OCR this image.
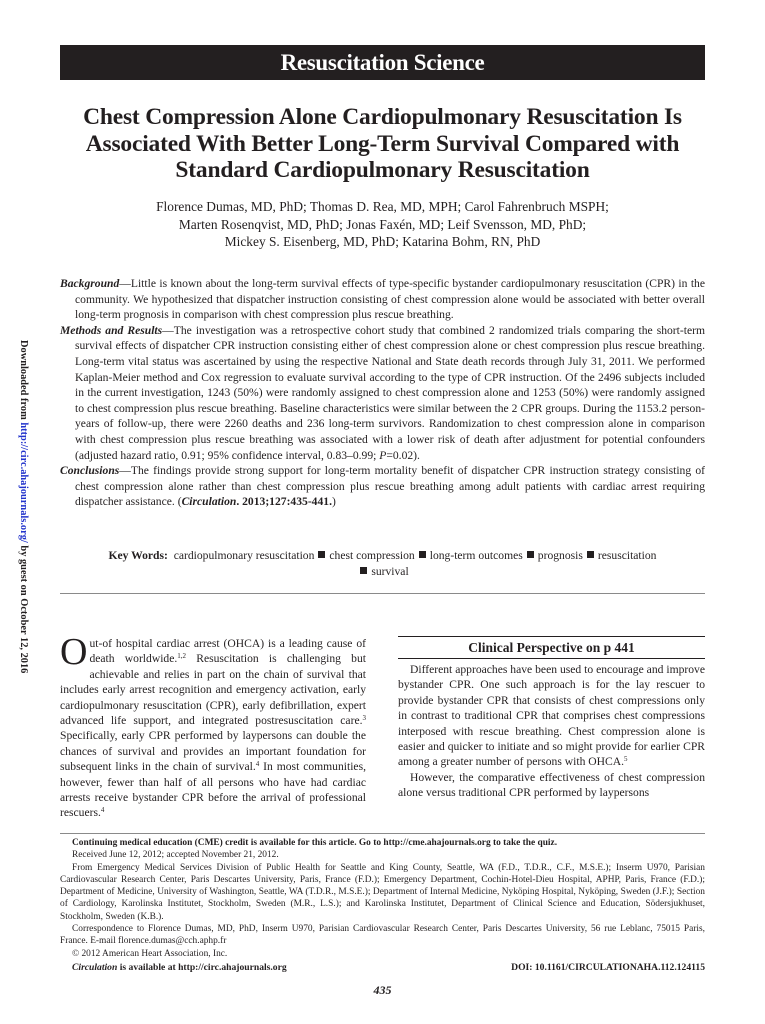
Resuscitation Science
Chest Compression Alone Cardiopulmonary Resuscitation Is Associated With Better Long-Term Survival Compared with Standard Cardiopulmonary Resuscitation
Florence Dumas, MD, PhD; Thomas D. Rea, MD, MPH; Carol Fahrenbruch MSPH;
Marten Rosenqvist, MD, PhD; Jonas Faxén, MD; Leif Svensson, MD, PhD;
Mickey S. Eisenberg, MD, PhD; Katarina Bohm, RN, PhD

Background—Little is known about the long-term survival effects of type-specific bystander cardiopulmonary resuscitation (CPR) in the community. We hypothesized that dispatcher instruction consisting of chest compression alone would be associated with better overall long-term prognosis in comparison with chest compression plus rescue breathing.

Methods and Results—The investigation was a retrospective cohort study that combined 2 randomized trials comparing the short-term survival effects of dispatcher CPR instruction consisting either of chest compression alone or chest compression plus rescue breathing. Long-term vital status was ascertained by using the respective National and State death records through July 31, 2011. We performed Kaplan-Meier method and Cox regression to evaluate survival according to the type of CPR instruction. Of the 2496 subjects included in the current investigation, 1243 (50%) were randomly assigned to chest compression alone and 1253 (50%) were randomly assigned to chest compression plus rescue breathing. Baseline characteristics were similar between the 2 CPR groups. During the 1153.2 person-years of follow-up, there were 2260 deaths and 236 long-term survivors. Randomization to chest compression alone in comparison with chest compression plus rescue breathing was associated with a lower risk of death after adjustment for potential confounders (adjusted hazard ratio, 0.91; 95% confidence interval, 0.83–0.99; P=0.02).

Conclusions—The findings provide strong support for long-term mortality benefit of dispatcher CPR instruction strategy consisting of chest compression alone rather than chest compression plus rescue breathing among adult patients with cardiac arrest requiring dispatcher assistance. (Circulation. 2013;127:435-441.)

Key Words: cardiopulmonary resuscitation chest compression long-term outcomes prognosis resuscitation
survival

Out-of hospital cardiac arrest (OHCA) is a leading cause of death worldwide.$^{1,2}$ Resuscitation is challenging but achievable and relies in part on the chain of survival that includes early arrest recognition and emergency activation, early cardiopulmonary resuscitation (CPR), early defibrillation, expert advanced life support, and integrated postresuscitation care.$^3$ Specifically, early CPR performed by laypersons can double the chances of survival and provides an important foundation for subsequent links in the chain of survival.$^4$ In most communities, however, fewer than half of all persons who have had cardiac arrests receive bystander CPR before the arrival of professional rescuers.$^4$

Clinical Perspective on p 441

Different approaches have been used to encourage and improve bystander CPR. One such approach is for the lay rescuer to provide bystander CPR that consists of chest compressions only in contrast to traditional CPR that comprises chest compressions interposed with rescue breathing. Chest compression alone is easier and quicker to initiate and so might provide for earlier CPR among a greater number of persons with OHCA.$^5$

However, the comparative effectiveness of chest compression alone versus traditional CPR performed by laypersons

Continuing medical education (CME) credit is available for this article. Go to http://cme.ahajournals.org to take the quiz.

Received June 12, 2012; accepted November 21, 2012.

From Emergency Medical Services Division of Public Health for Seattle and King County, Seattle, WA (F.D., T.D.R., C.F., M.S.E.); Inserm U970, Parisian Cardiovascular Research Center, Paris Descartes University, Paris, France (F.D.); Emergency Department, Cochin-Hotel-Dieu Hospital, APHP, Paris, France (F.D.); Department of Medicine, University of Washington, Seattle, WA (T.D.R., M.S.E.); Department of Internal Medicine, Nyköping Hospital, Nyköping, Sweden (J.F.); Section of Cardiology, Karolinska Institutet, Stockholm, Sweden (M.R., L.S.); and Karolinska Institutet, Department of Clinical Science and Education, Södersjukhuset, Stockholm, Sweden (K.B.).

Correspondence to Florence Dumas, MD, PhD, Inserm U970, Parisian Cardiovascular Research Center, Paris Descartes University, 56 rue Leblanc, 75015 Paris, France. E-mail florence.dumas@cch.aphp.fr

© 2012 American Heart Association, Inc.

Circulation is available at http://circ.ahajournals.org	DOI: 10.1161/CIRCULATIONAHA.112.124115
435
Downloaded from http://circ.ahajournals.org/ by guest on October 12, 2016
